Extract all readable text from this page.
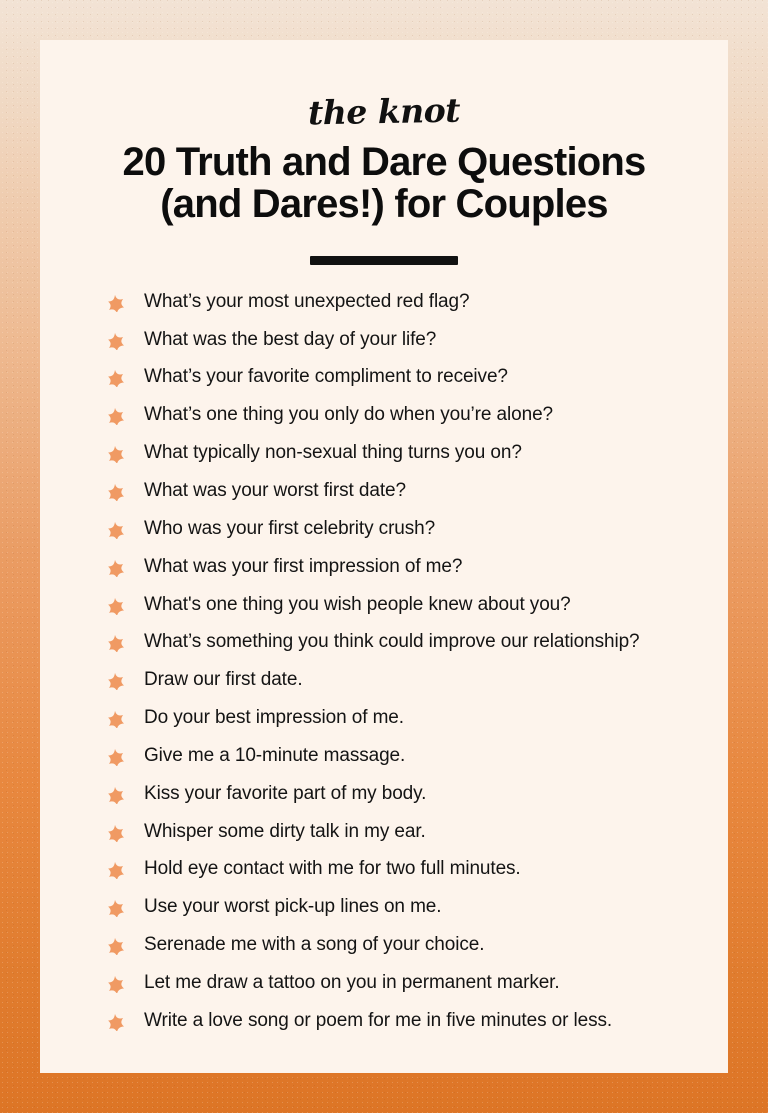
the knot
20 Truth and Dare Questions
(and Dares!) for Couples
What’s your most unexpected red flag?
What was the best day of your life?
What’s your favorite compliment to receive?
What’s one thing you only do when you’re alone?
What typically non-sexual thing turns you on?
What was your worst first date?
Who was your first celebrity crush?
What was your first impression of me?
What's one thing you wish people knew about you?
What’s something you think could improve our relationship?
Draw our first date.
Do your best impression of me.
Give me a 10-minute massage.
Kiss your favorite part of my body.
Whisper some dirty talk in my ear.
Hold eye contact with me for two full minutes.
Use your worst pick-up lines on me.
Serenade me with a song of your choice.
Let me draw a tattoo on you in permanent marker.
Write a love song or poem for me in five minutes or less.
